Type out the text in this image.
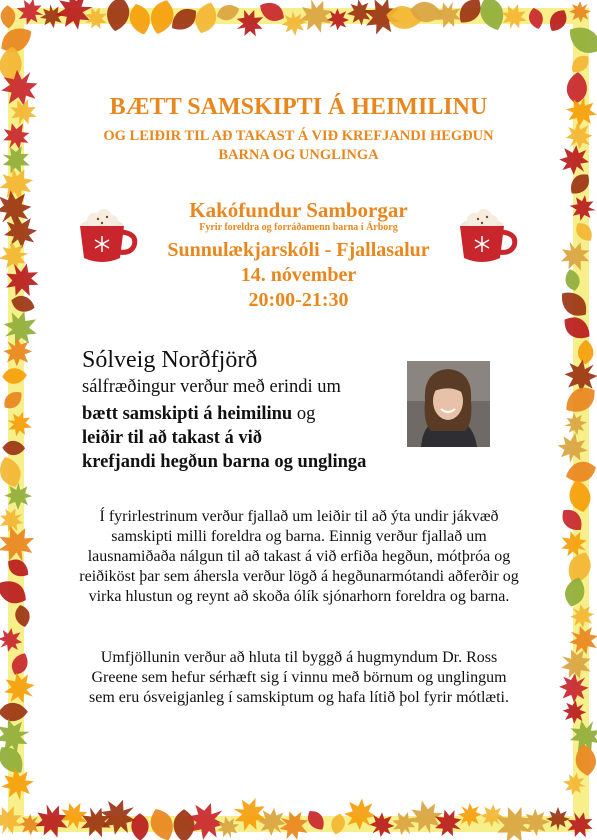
BÆTT SAMSKIPTI Á HEIMILINU
OG LEIÐIR TIL AÐ TAKAST Á VIÐ KREFJANDI HEGÐUN BARNA OG UNGLINGA
Kakófundur Samborgar
Fyrir foreldra og forráðamenn barna í Árborg
Sunnulækjarskóli - Fjallasalur
14. nóvember
20:00-21:30
Sólveig Norðfjörð
sálfræðingur verður með erindi um
bætt samskipti á heimilinu og
leiðir til að takast á við
krefjandi hegðun barna og unglinga
Í fyrirlestrinum verður fjallað um leiðir til að ýta undir jákvæð samskipti milli foreldra og barna. Einnig verður fjallað um lausnamiðaða nálgun til að takast á við erfiða hegðun, mótþróa og reiðiköst þar sem áhersla verður lögð á hegðunarmótandi aðferðir og virka hlustun og reynt að skoða ólík sjónarhorn foreldra og barna.
Umfjöllunin verður að hluta til byggð á hugmyndum Dr. Ross Greene sem hefur sérhæft sig í vinnu með börnum og unglingum sem eru ósveigjanleg í samskiptum og hafa lítið þol fyrir mótlæti.
